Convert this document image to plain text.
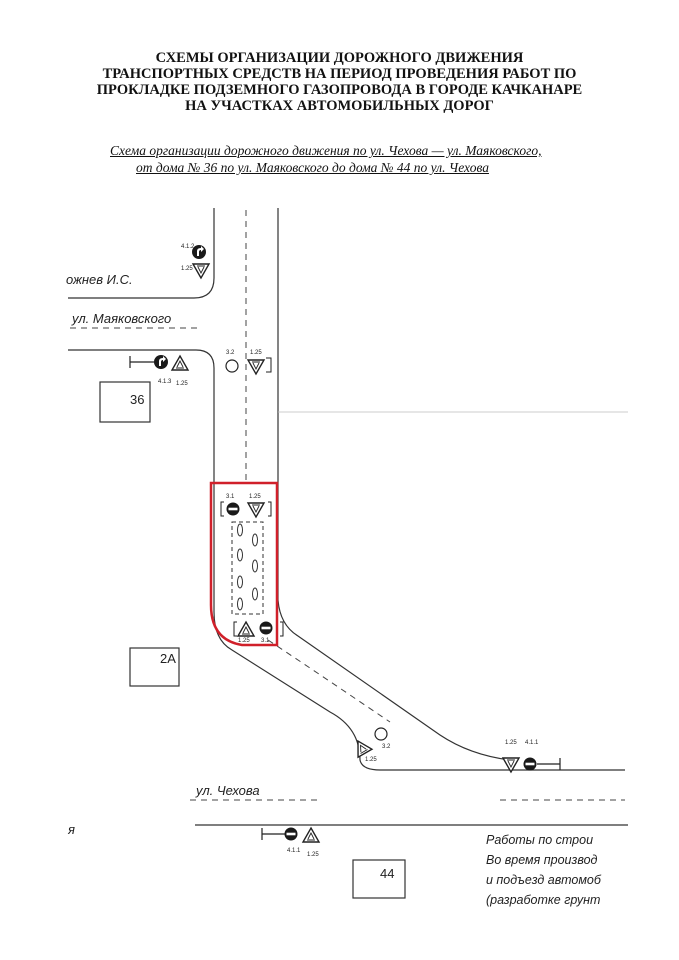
СХЕМЫ ОРГАНИЗАЦИИ ДОРОЖНОГО ДВИЖЕНИЯ
ТРАНСПОРТНЫХ СРЕДСТВ НА ПЕРИОД ПРОВЕДЕНИЯ РАБОТ ПО
ПРОКЛАДКЕ ПОДЗЕМНОГО ГАЗОПРОВОДА В ГОРОДЕ КАЧКАНАРЕ
НА УЧАСТКАХ АВТОМОБИЛЬНЫХ ДОРОГ
Схема организации дорожного движения по ул. Чехова — ул. Маяковского,
от дома № 36 по ул. Маяковского до дома № 44 по ул. Чехова
36
2А
44
ожнев И.С.
ул. Маяковского
ул. Чехова
я
Работы по строи
Во время производ
и подъезд автомоб
(разработке грунт
4.1.2
1.25
4.1.3 1.25
3.2	1.25
3.1 1.25
1.25 3.1
1.25
3.2
1.25 4.1.1
4.1.1
1.25
